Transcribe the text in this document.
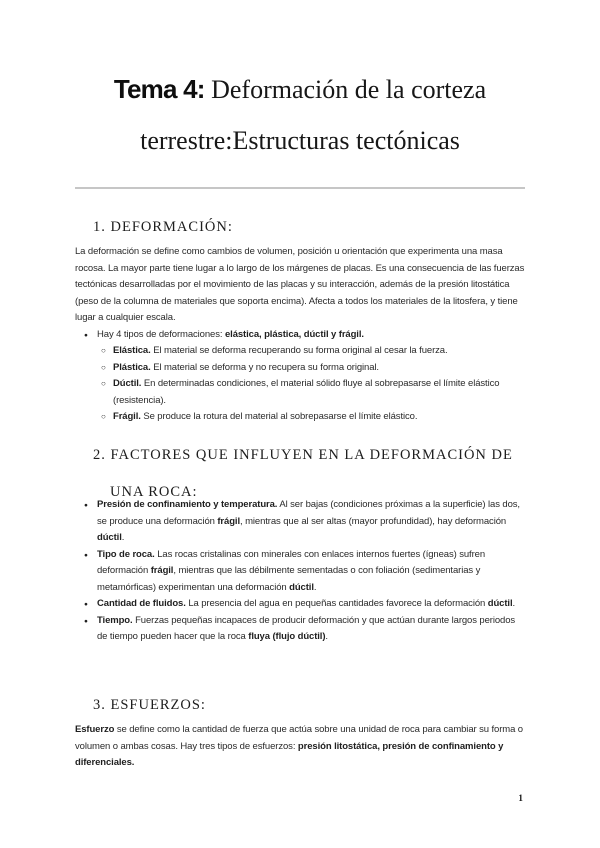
Tema 4: Deformación de la corteza terrestre:Estructuras tectónicas
1. DEFORMACIÓN:

La deformación se define como cambios de volumen, posición u orientación que experimenta una masa rocosa. La mayor parte tiene lugar a lo largo de los márgenes de placas. Es una consecuencia de las fuerzas tectónicas desarrolladas por el movimiento de las placas y su interacción, además de la presión litostática (peso de la columna de materiales que soporta encima). Afecta a todos los materiales de la litosfera, y tiene lugar a cualquier escala.

● Hay 4 tipos de deformaciones: elástica, plástica, dúctil y frágil.
○ Elástica. El material se deforma recuperando su forma original al cesar la fuerza.
○ Plástica. El material se deforma y no recupera su forma original.
○ Dúctil. En determinadas condiciones, el material sólido fluye al sobrepasarse el límite elástico (resistencia).
○ Frágil. Se produce la rotura del material al sobrepasarse el límite elástico.
2. FACTORES QUE INFLUYEN EN LA DEFORMACIÓN DE UNA ROCA:
● Presión de confinamiento y temperatura. Al ser bajas (condiciones próximas a la superficie) las dos, se produce una deformación frágil, mientras que al ser altas (mayor profundidad), hay deformación dúctil.
● Tipo de roca. Las rocas cristalinas con minerales con enlaces internos fuertes (ígneas) sufren deformación frágil, mientras que las débilmente sementadas o con foliación (sedimentarias y metamórficas) experimentan una deformación dúctil.
● Cantidad de fluidos. La presencia del agua en pequeñas cantidades favorece la deformación dúctil.
● Tiempo. Fuerzas pequeñas incapaces de producir deformación y que actúan durante largos periodos de tiempo pueden hacer que la roca fluya (flujo dúctil).
3. ESFUERZOS:

Esfuerzo se define como la cantidad de fuerza que actúa sobre una unidad de roca para cambiar su forma o volumen o ambas cosas. Hay tres tipos de esfuerzos: presión litostática, presión de confinamiento y diferenciales.

1
